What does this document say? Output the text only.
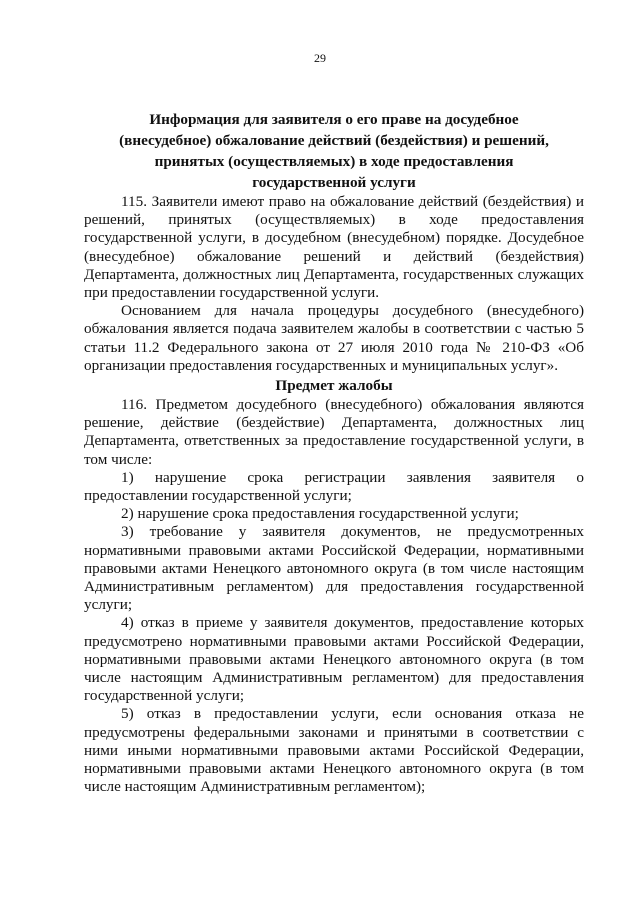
29
Информация для заявителя о его праве на досудебное
(внесудебное) обжалование действий (бездействия) и решений,
принятых (осуществляемых) в ходе предоставления
государственной услуги

115. Заявители имеют право на обжалование действий (бездействия) и решений, принятых (осуществляемых) в ходе предоставления государственной услуги, в досудебном (внесудебном) порядке. Досудебное (внесудебное) обжалование решений и действий (бездействия) Департамента, должностных лиц Департамента, государственных служащих при предоставлении государственной услуги.

Основанием для начала процедуры досудебного (внесудебного) обжалования является подача заявителем жалобы в соответствии с частью 5 статьи 11.2 Федерального закона от 27 июля 2010 года № 210-ФЗ «Об организации предоставления государственных и муниципальных услуг».

Предмет жалобы

116. Предметом досудебного (внесудебного) обжалования являются решение, действие (бездействие) Департамента, должностных лиц Департамента, ответственных за предоставление государственной услуги, в том числе:

1) нарушение срока регистрации заявления заявителя о предоставлении государственной услуги;

2) нарушение срока предоставления государственной услуги;

3) требование у заявителя документов, не предусмотренных нормативными правовыми актами Российской Федерации, нормативными правовыми актами Ненецкого автономного округа (в том числе настоящим Административным регламентом) для предоставления государственной услуги;

4) отказ в приеме у заявителя документов, предоставление которых предусмотрено нормативными правовыми актами Российской Федерации, нормативными правовыми актами Ненецкого автономного округа (в том числе настоящим Административным регламентом) для предоставления государственной услуги;

5) отказ в предоставлении услуги, если основания отказа не предусмотрены федеральными законами и принятыми в соответствии с ними иными нормативными правовыми актами Российской Федерации, нормативными правовыми актами Ненецкого автономного округа (в том числе настоящим Административным регламентом);
